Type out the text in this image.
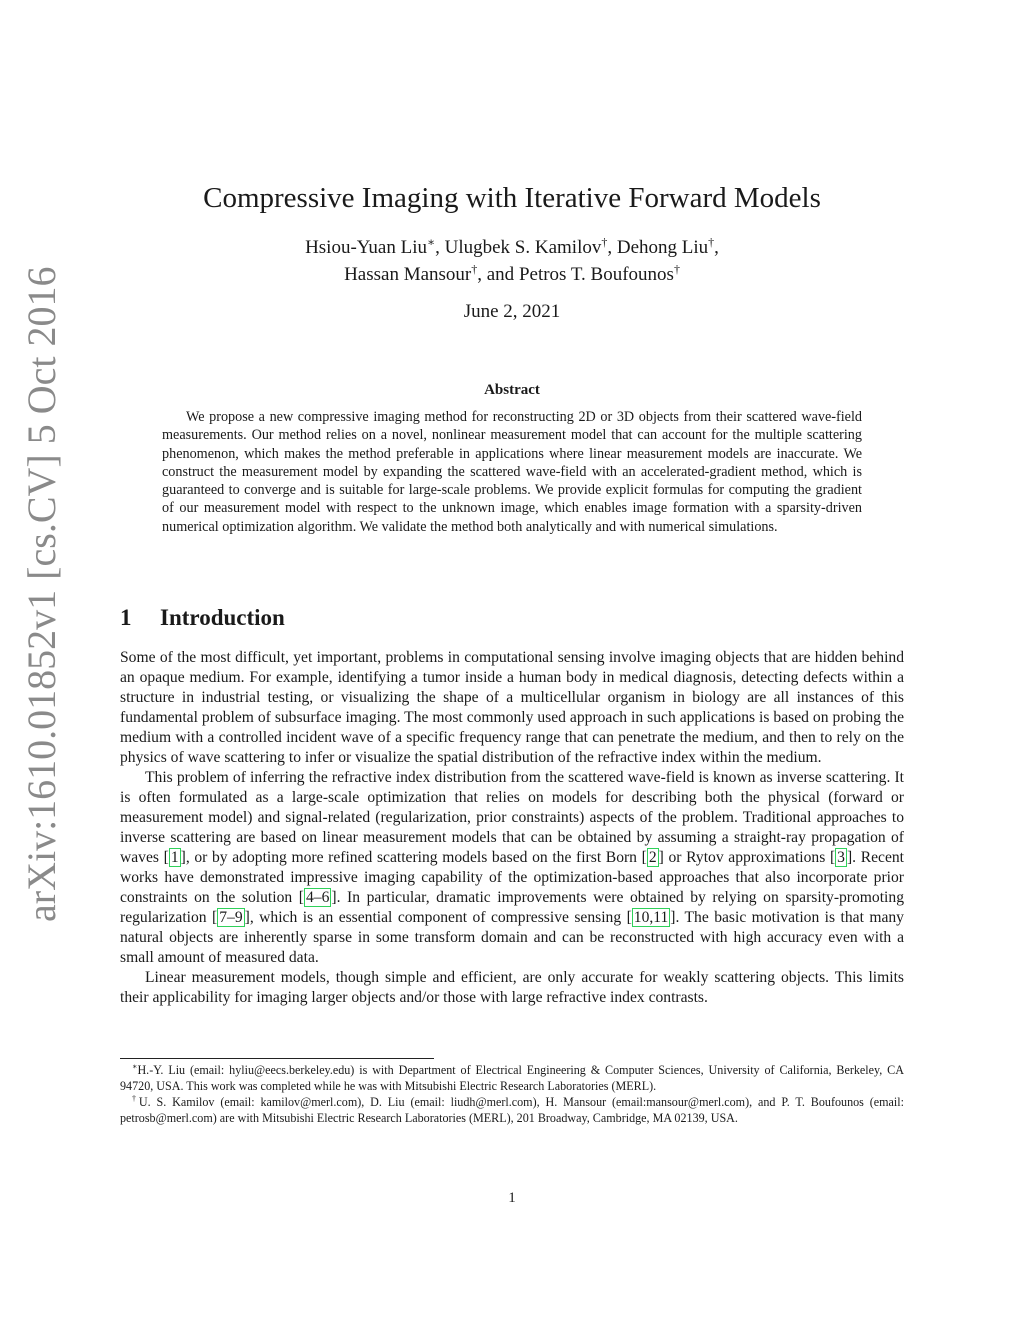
arXiv:1610.01852v1 [cs.CV] 5 Oct 2016
Compressive Imaging with Iterative Forward Models
Hsiou-Yuan Liu∗, Ulugbek S. Kamilov†, Dehong Liu†,
Hassan Mansour†, and Petros T. Boufounos†
June 2, 2021
Abstract
We propose a new compressive imaging method for reconstructing 2D or 3D objects from their scattered wave-field measurements. Our method relies on a novel, nonlinear measurement model that can account for the multiple scattering phenomenon, which makes the method preferable in applications where linear measurement models are inaccurate. We construct the measurement model by expanding the scattered wave-field with an accelerated-gradient method, which is guaranteed to converge and is suitable for large-scale problems. We provide explicit formulas for computing the gradient of our measurement model with respect to the unknown image, which enables image formation with a sparsity-driven numerical optimization algorithm. We validate the method both analytically and with numerical simulations.
1 Introduction

Some of the most difficult, yet important, problems in computational sensing involve imaging objects that are hidden behind an opaque medium. For example, identifying a tumor inside a human body in medical diagnosis, detecting defects within a structure in industrial testing, or visualizing the shape of a multicellular organism in biology are all instances of this fundamental problem of subsurface imaging. The most commonly used approach in such applications is based on probing the medium with a controlled incident wave of a specific frequency range that can penetrate the medium, and then to rely on the physics of wave scattering to infer or visualize the spatial distribution of the refractive index within the medium.

This problem of inferring the refractive index distribution from the scattered wave-field is known as inverse scattering. It is often formulated as a large-scale optimization that relies on models for describing both the physical (forward or measurement model) and signal-related (regularization, prior constraints) aspects of the problem. Traditional approaches to inverse scattering are based on linear measurement models that can be obtained by assuming a straight-ray propagation of waves [ 1 ], or by adopting more refined scattering models based on the first Born [ 2 ] or Rytov approximations [ 3 ]. Recent works have demonstrated impressive imaging capability of the optimization-based approaches that also incorporate prior constraints on the solution [ 4–6 ]. In particular, dramatic improvements were obtained by relying on sparsity-promoting regularization [ 7–9 ], which is an essential component of compressive sensing [ 10,11 ]. The basic motivation is that many natural objects are inherently sparse in some transform domain and can be reconstructed with high accuracy even with a small amount of measured data.

Linear measurement models, though simple and efficient, are only accurate for weakly scattering objects. This limits their applicability for imaging larger objects and/or those with large refractive index contrasts.

∗H.-Y. Liu (email: hyliu@eecs.berkeley.edu) is with Department of Electrical Engineering & Computer Sciences, University of California, Berkeley, CA 94720, USA. This work was completed while he was with Mitsubishi Electric Research Laboratories (MERL).

†U. S. Kamilov (email: kamilov@merl.com), D. Liu (email: liudh@merl.com), H. Mansour (email:mansour@merl.com), and P. T. Boufounos (email: petrosb@merl.com) are with Mitsubishi Electric Research Laboratories (MERL), 201 Broadway, Cambridge, MA 02139, USA.

1
